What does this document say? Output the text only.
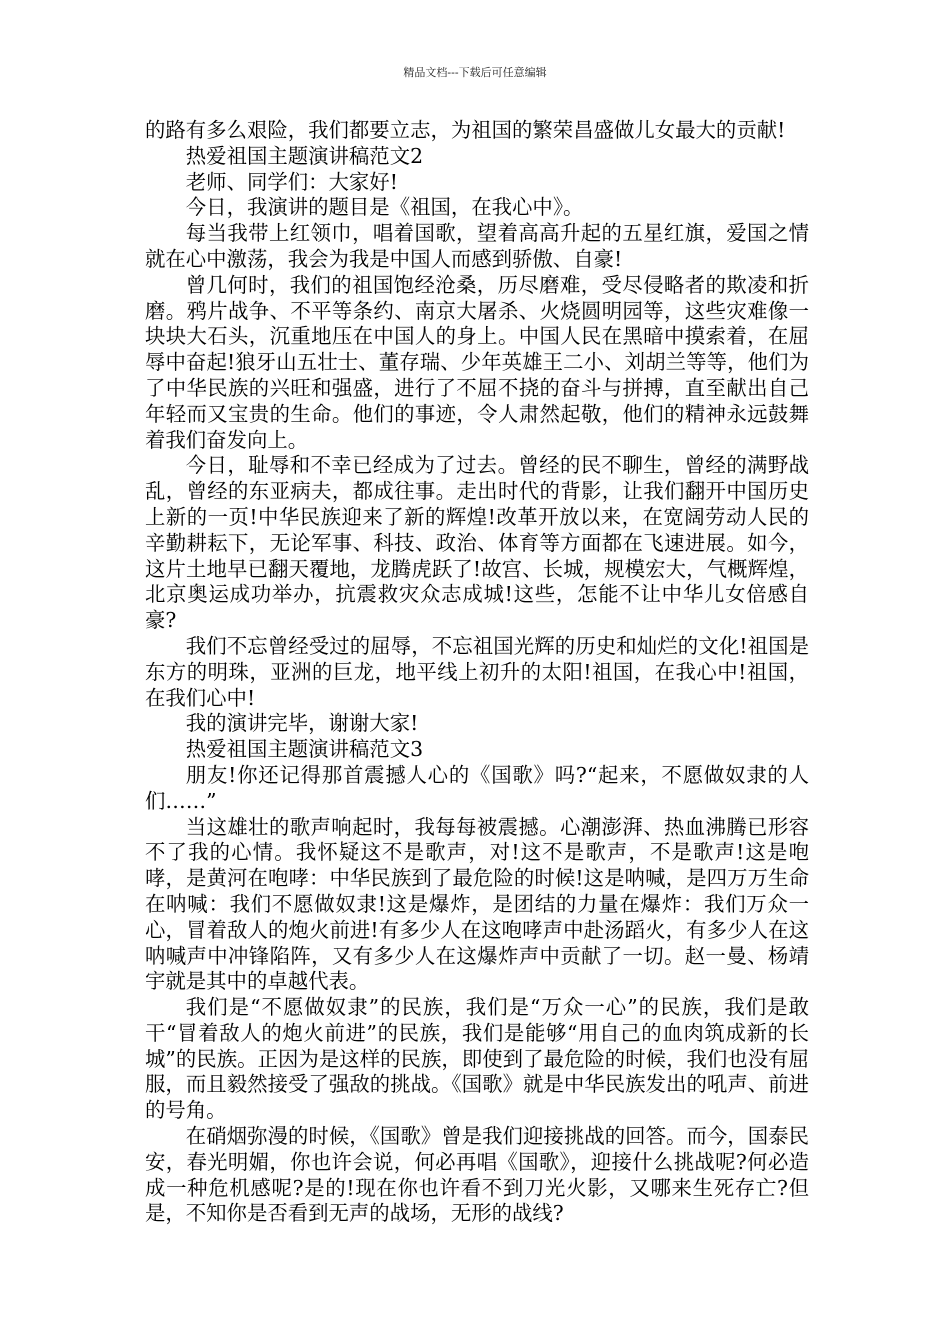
精品文档---下载后可任意编辑

的路有多么艰险，我们都要立志，为祖国的繁荣昌盛做儿女最大的贡献!

热爱祖国主题演讲稿范文2

老师、同学们：大家好!

今日，我演讲的题目是《祖国，在我心中》。

每当我带上红领巾，唱着国歌，望着高高升起的五星红旗，爱国之情就在心中激荡，我会为我是中国人而感到骄傲、自豪!

曾几何时，我们的祖国饱经沧桑，历尽磨难，受尽侵略者的欺凌和折磨。鸦片战争、不平等条约、南京大屠杀、火烧圆明园等，这些灾难像一块块大石头，沉重地压在中国人的身上。中国人民在黑暗中摸索着，在屈辱中奋起!狼牙山五壮士、董存瑞、少年英雄王二小、刘胡兰等等，他们为了中华民族的兴旺和强盛，进行了不屈不挠的奋斗与拼搏，直至献出自己年轻而又宝贵的生命。他们的事迹，令人肃然起敬，他们的精神永远鼓舞着我们奋发向上。

今日，耻辱和不幸已经成为了过去。曾经的民不聊生，曾经的满野战乱，曾经的东亚病夫，都成往事。走出时代的背影，让我们翻开中国历史上新的一页!中华民族迎来了新的辉煌!改革开放以来，在宽阔劳动人民的辛勤耕耘下，无论军事、科技、政治、体育等方面都在飞速进展。如今，这片土地早已翻天覆地，龙腾虎跃了!故宫、长城，规模宏大，气概辉煌，北京奥运成功举办，抗震救灾众志成城!这些，怎能不让中华儿女倍感自豪?

我们不忘曾经受过的屈辱，不忘祖国光辉的历史和灿烂的文化!祖国是东方的明珠，亚洲的巨龙，地平线上初升的太阳!祖国，在我心中!祖国，在我们心中!

我的演讲完毕，谢谢大家!

热爱祖国主题演讲稿范文3

朋友!你还记得那首震撼人心的《国歌》吗?“起来，不愿做奴隶的人们……”

当这雄壮的歌声响起时，我每每被震撼。心潮澎湃、热血沸腾已形容不了我的心情。我怀疑这不是歌声，对!这不是歌声，不是歌声!这是咆哮，是黄河在咆哮：中华民族到了最危险的时候!这是呐喊，是四万万生命在呐喊：我们不愿做奴隶!这是爆炸，是团结的力量在爆炸：我们万众一心，冒着敌人的炮火前进!有多少人在这咆哮声中赴汤蹈火，有多少人在这呐喊声中冲锋陷阵，又有多少人在这爆炸声中贡献了一切。赵一曼、杨靖宇就是其中的卓越代表。

我们是“不愿做奴隶”的民族，我们是“万众一心”的民族，我们是敢干“冒着敌人的炮火前进”的民族，我们是能够“用自己的血肉筑成新的长城”的民族。正因为是这样的民族，即使到了最危险的时候，我们也没有屈服，而且毅然接受了强敌的挑战。《国歌》就是中华民族发出的吼声、前进的号角。

在硝烟弥漫的时候，《国歌》曾是我们迎接挑战的回答。而今，国泰民安，春光明媚，你也许会说，何必再唱《国歌》，迎接什么挑战呢?何必造成一种危机感呢?是的!现在你也许看不到刀光火影，又哪来生死存亡?但是，不知你是否看到无声的战场，无形的战线?
